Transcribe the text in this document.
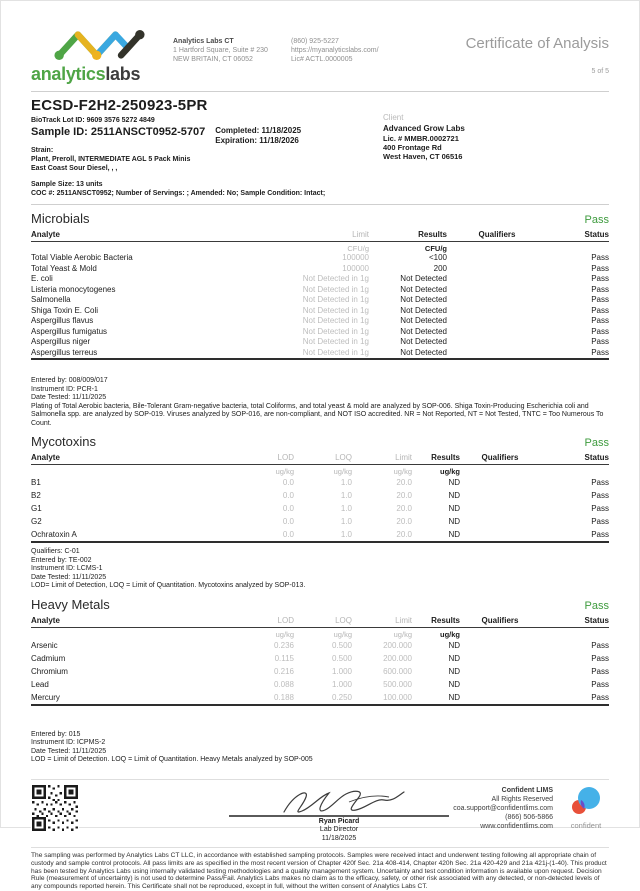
analyticslabs
Analytics Labs CT
1 Hartford Square, Suite # 230
NEW BRITAIN, CT 06052
(860) 925-5227
https://myanalyticslabs.com/
Lic# ACTL.0000005
Certificate of Analysis
5 of 5
ECSD-F2H2-250923-5PR
BioTrack Lot ID: 9609 3576 5272 4849
Sample ID: 2511ANSCT0952-5707 Completed: 11/18/2025
Expiration: 11/18/2026
Strain:
Plant, Preroll, INTERMEDIATE AGL 5 Pack Minis
East Coast Sour Diesel, , ,
Sample Size: 13 units
COC #: 2511ANSCT0952; Number of Servings: ; Amended: No; Sample Condition: Intact;
Client
Advanced Grow Labs
Lic. # MMBR.0002721
400 Frontage Rd
West Haven, CT 06516
Microbials	Pass
Analyte	Limit	Results	Qualifiers	Status
CFU/g	CFU/g
Total Viable Aerobic Bacteria	100000	<100	Pass
Total Yeast & Mold	100000	200	Pass
E. coli	Not Detected in 1g	Not Detected	Pass
Listeria monocytogenes	Not Detected in 1g	Not Detected	Pass
Salmonella	Not Detected in 1g	Not Detected	Pass
Shiga Toxin E. Coli	Not Detected in 1g	Not Detected	Pass
Aspergillus flavus	Not Detected in 1g	Not Detected	Pass
Aspergillus fumigatus	Not Detected in 1g	Not Detected	Pass
Aspergillus niger	Not Detected in 1g	Not Detected	Pass
Aspergillus terreus	Not Detected in 1g	Not Detected	Pass
Entered by: 008/009/017
Instrument ID: PCR-1
Date Tested: 11/11/2025
Plating of Total Aerobic bacteria, Bile-Tolerant Gram-negative bacteria, total Coliforms, and total yeast & mold are analyzed by SOP-006. Shiga Toxin-Producing Escherichia coli and Salmonella spp. are analyzed by SOP-019. Viruses analyzed by SOP-016, are non-compliant, and NOT ISO accredited. NR = Not Reported, NT = Not Tested, TNTC = Too Numerous To Count.
Mycotoxins	Pass
Analyte	LOD	LOQ	Limit	Results	Qualifiers	Status
ug/kg	ug/kg	ug/kg	ug/kg
B1	0.0	1.0	20.0	ND	Pass
B2	0.0	1.0	20.0	ND	Pass
G1	0.0	1.0	20.0	ND	Pass
G2	0.0	1.0	20.0	ND	Pass
Ochratoxin A	0.0	1.0	20.0	ND	Pass
Qualifiers: C-01
Entered by: TE-002
Instrument ID: LCMS-1
Date Tested: 11/11/2025
LOD= Limit of Detection, LOQ = Limit of Quantitation. Mycotoxins analyzed by SOP-013.
Heavy Metals	Pass
Analyte	LOD	LOQ	Limit	Results	Qualifiers	Status
ug/kg	ug/kg	ug/kg	ug/kg
Arsenic	0.236	0.500	200.000	ND	Pass
Cadmium	0.115	0.500	200.000	ND	Pass
Chromium	0.216	1.000	600.000	ND	Pass
Lead	0.088	1.000	500.000	ND	Pass
Mercury	0.188	0.250	100.000	ND	Pass
Entered by: 015
Instrument ID: ICPMS-2
Date Tested: 11/11/2025
LOD = Limit of Detection. LOQ = Limit of Quantitation. Heavy Metals analyzed by SOP-005
Ryan Picard
Lab Director
11/18/2025
Confident LIMS
All Rights Reserved
coa.support@confidentlims.com
(866) 506-5866
www.confidentlims.com	confident
The sampling was performed by Analytics Labs CT LLC, in accordance with established sampling protocols. Samples were received intact and underwent testing following all appropriate chain of custody and sample control protocols. All pass limits are as specified in the most recent version of Chapter 420f Sec. 21a 408-414, Chapter 420h Sec. 21a 420-429 and 21a 421j-(1-40). This product has been tested by Analytics Labs using internally validated testing methodologies and a quality management system. Uncertainty and test condition information is available upon request. Decision Rule (measurement of uncertainty) is not used to determine Pass/Fail. Analytics Labs makes no claim as to the efficacy, safety, or other risk associated with any detected, or non-detected levels of any compounds reported herein. This Certificate shall not be reproduced, except in full, without the written consent of Analytics Labs CT.
